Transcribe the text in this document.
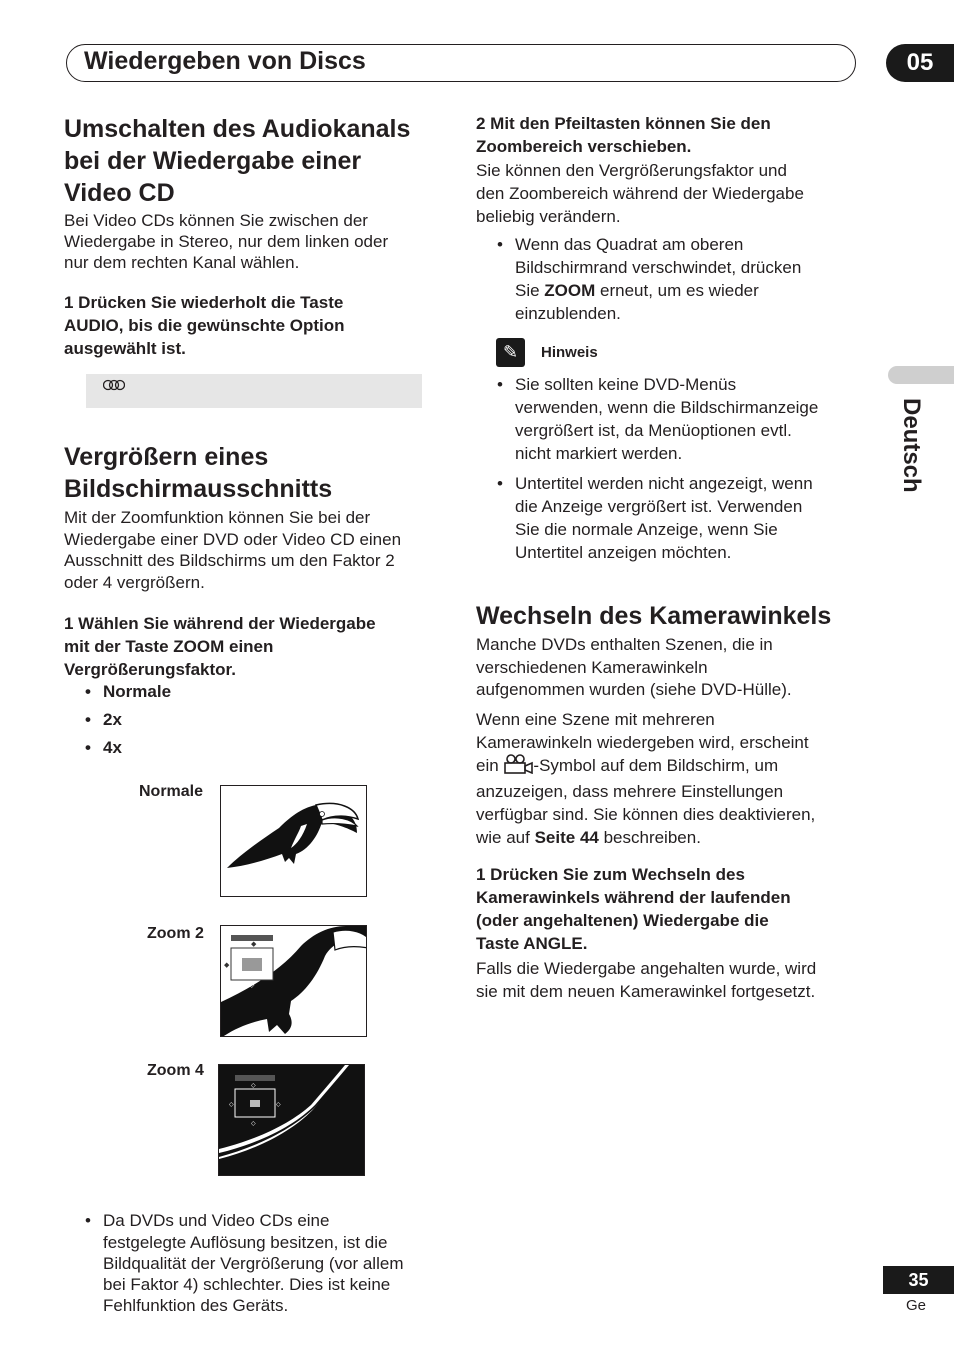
Wiedergeben von Discs	05
Deutsch
Umschalten des Audiokanals
bei der Wiedergabe einer
Video CD

Bei Video CDs können Sie zwischen der

Wiedergabe in Stereo, nur dem linken oder

nur dem rechten Kanal wählen.

1 Drücken Sie wiederholt die Taste
AUDIO, bis die gewünschte Option
ausgewählt ist.
Vergrößern eines
Bildschirmausschnitts

Mit der Zoomfunktion können Sie bei der

Wiedergabe einer DVD oder Video CD einen

Ausschnitt des Bildschirms um den Faktor 2

oder 4 vergrößern.

1 Wählen Sie während der Wiedergabe
mit der Taste ZOOM einen
Vergrößerungsfaktor.
• Normale
• 2x
• 4x
Normale
Zoom 2
◆
◆
◇
Zoom 4
◇
◇	◇
◇
• Da DVDs und Video CDs eine

festgelegte Auflösung besitzen, ist die

Bildqualität der Vergrößerung (vor allem

bei Faktor 4) schlechter. Dies ist keine

Fehlfunktion des Geräts.

2 Mit den Pfeiltasten können Sie den
Zoombereich verschieben.

Sie können den Vergrößerungsfaktor und

den Zoombereich während der Wiedergabe

beliebig verändern.

• Wenn das Quadrat am oberen

Bildschirmrand verschwindet, drücken

Sie ZOOM erneut, um es wieder

einzublenden.

✎	Hinweis
• Sie sollten keine DVD-Menüs

verwenden, wenn die Bildschirmanzeige

vergrößert ist, da Menüoptionen evtl.

nicht markiert werden.

• Untertitel werden nicht angezeigt, wenn

die Anzeige vergrößert ist. Verwenden

Sie die normale Anzeige, wenn Sie

Untertitel anzeigen möchten.

Wechseln des Kamerawinkels

Manche DVDs enthalten Szenen, die in

verschiedenen Kamerawinkeln

aufgenommen wurden (siehe DVD-Hülle).

Wenn eine Szene mit mehreren

Kamerawinkeln wiedergeben wird, erscheint

ein -Symbol auf dem Bildschirm, um

anzuzeigen, dass mehrere Einstellungen

verfügbar sind. Sie können dies deaktivieren,

wie auf Seite 44 beschreiben.

1 Drücken Sie zum Wechseln des
Kamerawinkels während der laufenden
(oder angehaltenen) Wiedergabe die
Taste ANGLE.

Falls die Wiedergabe angehalten wurde, wird

sie mit dem neuen Kamerawinkel fortgesetzt.

35
Ge
